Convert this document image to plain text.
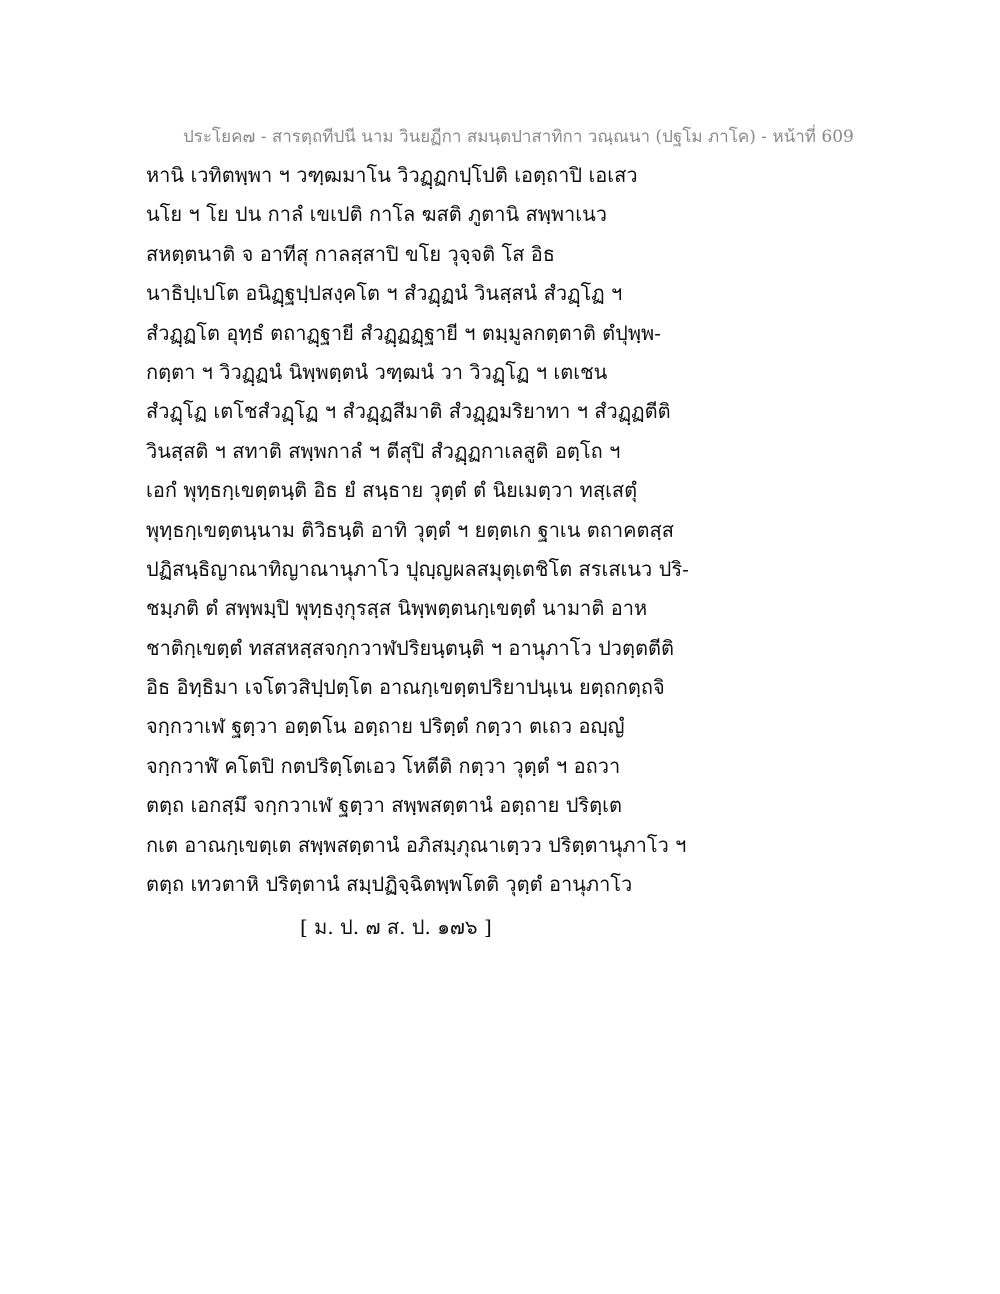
ประโยค๗ - สารตฺถทีปนี นาม วินยฏีกา สมนฺตปาสาทิกา วณฺณนา (ปฐโม ภาโค) - หน้าที่ 609
หานิ เวทิตพฺพา ฯ วฑฺฒมาโน วิวฏฺฏกปฺโปติ เอตฺถาปิ เอเสว
นโย ฯ โย ปน กาลํ เขเปติ กาโล ฆสติ ภูตานิ สพฺพาเนว
สหตฺตนาติ จ อาทีสุ กาลสฺสาปิ ขโย วุจฺจติ โส อิธ
นาธิปฺเปโต อนิฏฺฐปฺปสงฺคโต ฯ สํวฏฺฏนํ วินสฺสนํ สํวฏฺโฏ ฯ
สํวฏฺฏโต อุทฺธํ ตถาฏฺฐายี สํวฏฺฏฏฺฐายี ฯ ตมฺมูลกตฺตาติ ตํปุพฺพ-
กตฺตา ฯ วิวฏฺฏนํ นิพฺพตฺตนํ วฑฺฒนํ วา วิวฏฺโฏ ฯ เตเชน
สํวฏฺโฏ เตโชสํวฏฺโฏ ฯ สํวฏฺฏสีมาติ สํวฏฺฏมริยาทา ฯ สํวฏฺฏตีติ
วินสฺสติ ฯ สทาติ สพฺพกาลํ ฯ ตีสุปิ สํวฏฺฏกาเลสูติ อตฺโถ ฯ
เอกํ พุทฺธกฺเขตฺตนฺติ อิธ ยํ สนฺธาย วุตฺตํ ตํ นิยเมตฺวา ทสฺเสตุํ
พุทฺธกฺเขตฺตนฺนาม ติวิธนฺติ อาทิ วุตฺตํ ฯ ยตฺตเก ฐาเน ตถาคตสฺส
ปฏิสนฺธิญาณาทิญาณานุภาโว ปุญฺญผลสมุตฺเตชิโต สรเสเนว ปริ-
ชมฺภติ ตํ สพฺพมฺปิ พุทฺธงฺกุรสฺส นิพฺพตฺตนกฺเขตฺตํ นามาติ อาห
ชาติกฺเขตฺตํ ทสสหสฺสจกฺกวาฬปริยนฺตนฺติ ฯ อานุภาโว ปวตฺตตีติ
อิธ อิทฺธิมา เจโตวสิปฺปตฺโต อาณกฺเขตฺตปริยาปนฺเน ยตฺถกตฺถจิ
จกฺกวาเฬ ฐตฺวา อตฺตโน อตฺถาย ปริตฺตํ กตฺวา ตเถว อญฺญํ
จกฺกวาฬํ คโตปิ กตปริตฺโตเอว โหตีติ กตฺวา วุตฺตํ ฯ อถวา
ตตฺถ เอกสฺมึ จกฺกวาเฬ ฐตฺวา สพฺพสตฺตานํ อตฺถาย ปริตฺเต
กเต อาณกฺเขตฺเต สพฺพสตฺตานํ อภิสมฺภุณาเตฺวว ปริตฺตานุภาโว ฯ
ตตฺถ เทวตาหิ ปริตฺตานํ สมฺปฏิจฺฉิตพฺพโตติ วุตฺตํ อานุภาโว
[ ม. ป. ๗ ส. ป. ๑๗๖ ]
